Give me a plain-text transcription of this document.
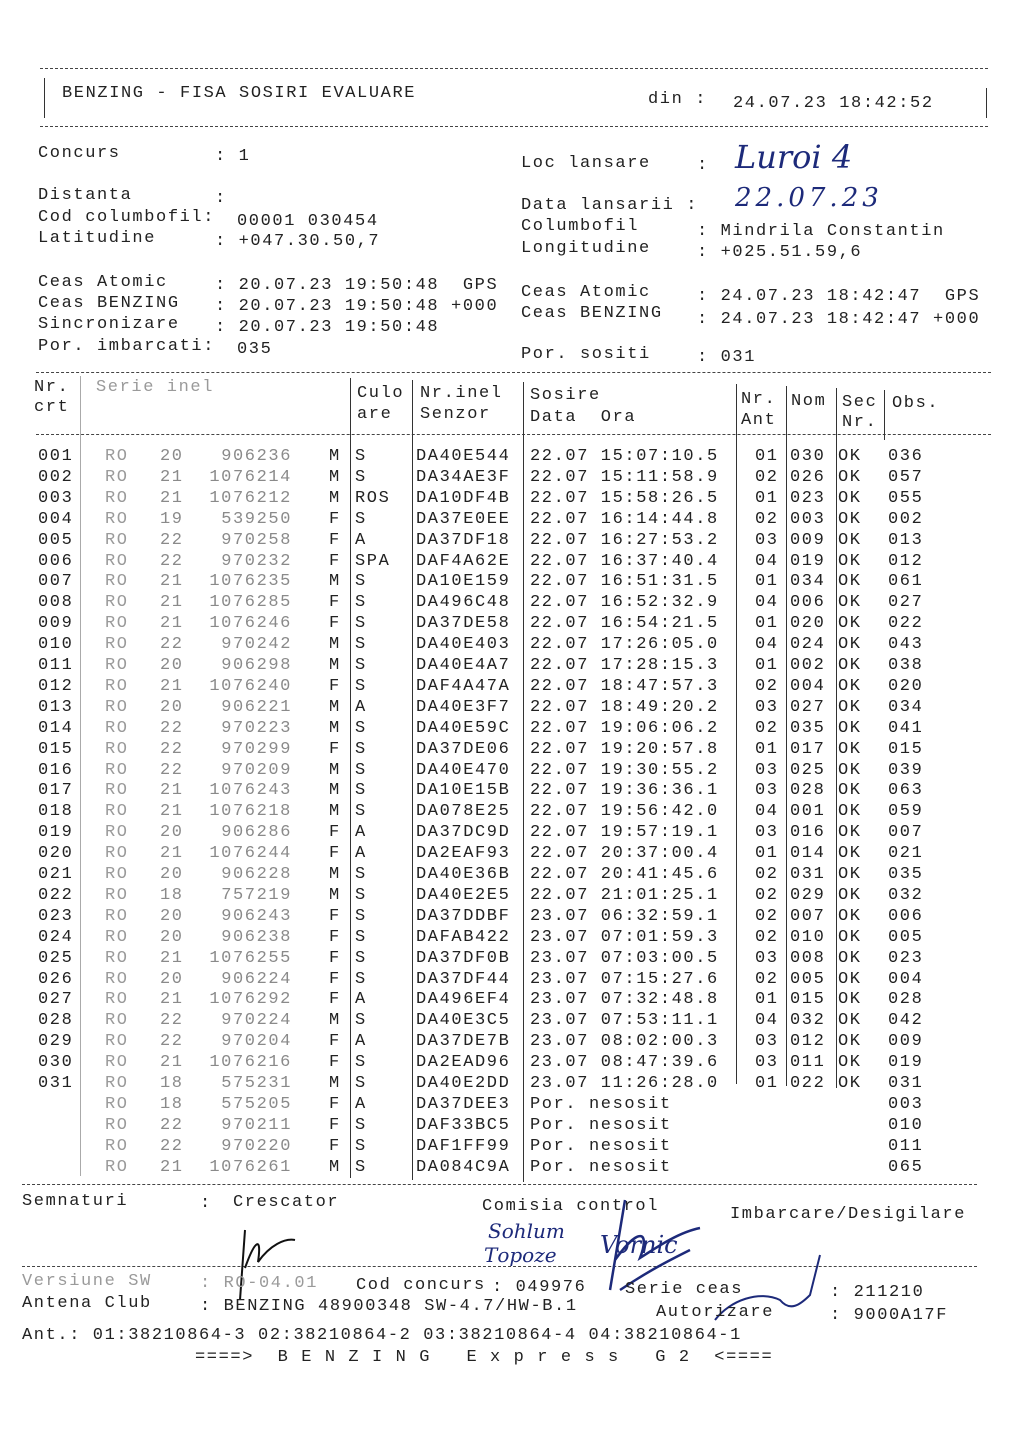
BENZING - FISA SOSIRI EVALUARE	din : 24.07.23 18:42:52
Concurs	: 1
Distanta	:
Cod columbofil: 00001 030454
Latitudine	: +047.30.50,7
Loc lansare	: Luroi 4
Data lansarii : 22.07.23
Columbofil	: Mindrila Constantin
Longitudine	: +025.51.59,6
Ceas Atomic	: 20.07.23 19:50:48  GPS
Ceas BENZING : 20.07.23 19:50:48 +000
Sincronizare : 20.07.23 19:50:48
Por. imbarcati: 035
Ceas Atomic	: 24.07.23 18:42:47  GPS
Ceas BENZING : 24.07.23 18:42:47 +000
Por. sositi	: 031
Nr.
crt
Serie inel	Culo
are
Nr.inel
Senzor
Sosire
Data  Ora
Nr.
Ant
Nom Sec
Nr.
Obs.
001 RO 20	906236 M S	DA40E544 22.07 15:07:10.5 01 030 OK 036
002 RO 21	1076214 M S	DA34AE3F 22.07 15:11:58.9 02 026 OK 057
003 RO 21	1076212 M ROS DA10DF4B 22.07 15:58:26.5 01 023 OK 055
004 RO 19	539250 F S	DA37E0EE 22.07 16:14:44.8 02 003 OK 002
005 RO 22	970258 F A	DA37DF18 22.07 16:27:53.2 03 009 OK 013
006 RO 22	970232 F SPA DAF4A62E 22.07 16:37:40.4 04 019 OK 012
007 RO 21	1076235 M S	DA10E159 22.07 16:51:31.5 01 034 OK 061
008 RO 21	1076285 F S	DA496C48 22.07 16:52:32.9 04 006 OK 027
009 RO 21	1076246 F S	DA37DE58 22.07 16:54:21.5 01 020 OK 022
010 RO 22	970242 M S	DA40E403 22.07 17:26:05.0 04 024 OK 043
011 RO 20	906298 M S	DA40E4A7 22.07 17:28:15.3 01 002 OK 038
012 RO 21	1076240 F S	DAF4A47A 22.07 18:47:57.3 02 004 OK 020
013 RO 20	906221 M A	DA40E3F7 22.07 18:49:20.2 03 027 OK 034
014 RO 22	970223 M S	DA40E59C 22.07 19:06:06.2 02 035 OK 041
015 RO 22	970299 F S	DA37DE06 22.07 19:20:57.8 01 017 OK 015
016 RO 22	970209 M S	DA40E470 22.07 19:30:55.2 03 025 OK 039
017 RO 21	1076243 M S	DA10E15B 22.07 19:36:36.1 03 028 OK 063
018 RO 21	1076218 M S	DA078E25 22.07 19:56:42.0 04 001 OK 059
019 RO 20	906286 F A	DA37DC9D 22.07 19:57:19.1 03 016 OK 007
020 RO 21	1076244 F A	DA2EAF93 22.07 20:37:00.4 01 014 OK 021
021 RO 20	906228 M S	DA40E36B 22.07 20:41:45.6 02 031 OK 035
022 RO 18	757219 M S	DA40E2E5 22.07 21:01:25.1 02 029 OK 032
023 RO 20	906243 F S	DA37DDBF 23.07 06:32:59.1 02 007 OK 006
024 RO 20	906238 F S	DAFAB422 23.07 07:01:59.3 02 010 OK 005
025 RO 21	1076255 F S	DA37DF0B 23.07 07:03:00.5 03 008 OK 023
026 RO 20	906224 F S	DA37DF44 23.07 07:15:27.6 02 005 OK 004
027 RO 21	1076292 F A	DA496EF4 23.07 07:32:48.8 01 015 OK 028
028 RO 22	970224 M S	DA40E3C5 23.07 07:53:11.1 04 032 OK 042
029 RO 22	970204 F A	DA37DE7B 23.07 08:02:00.3 03 012 OK 009
030 RO 21	1076216 F S	DA2EAD96 23.07 08:47:39.6 03 011 OK 019
031 RO 18	575231 M S	DA40E2DD 23.07 11:26:28.0 01 022 OK 031
RO 18	575205 F A	DA37DEE3 Por. nesosit	003
RO 22	970211 F S	DAF33BC5 Por. nesosit	010
RO 22	970220 F S	DAF1FF99 Por. nesosit	011
RO 21	1076261 M S	DA084C9A Por. nesosit	065
Semnaturi	: Crescator	Comisia control	Imbarcare/Desigilare
Sohlum
Tороze Vornic
Versiune SW	: RO-04.01 Cod concurs : 049976 Serie ceas	: 211210
Antena Club	: BENZING 48900348 SW-4.7/HW-B.1	Autorizare	: 9000A17F
Ant.: 01:38210864-3 02:38210864-2 03:38210864-4 04:38210864-1
====>  B E N Z I N G   E x p r e s s   G 2  <====
